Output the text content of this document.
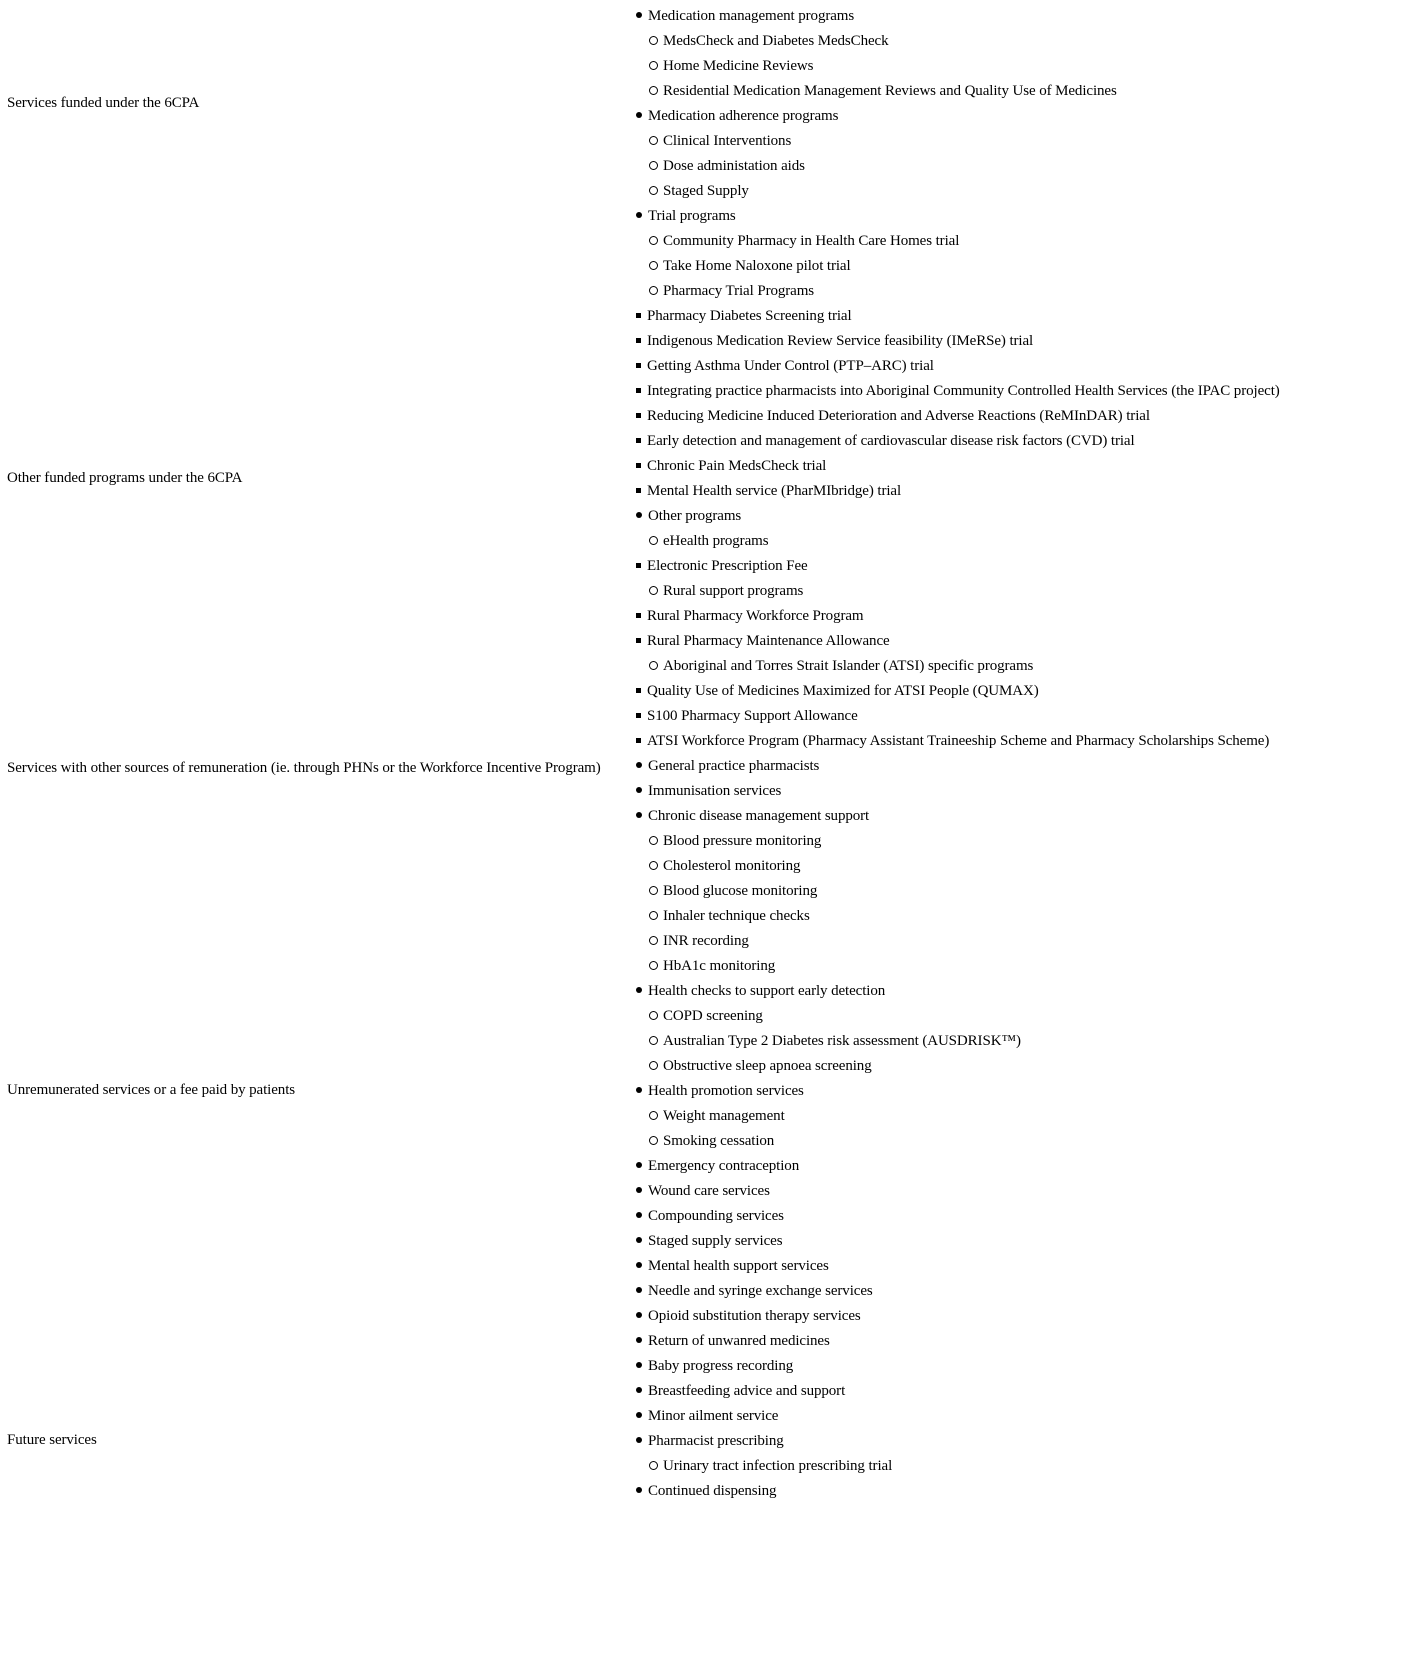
Services funded under the 6CPA
Other funded programs under the 6CPA
Services with other sources of remuneration (ie. through PHNs or the Workforce Incentive Program)
Unremunerated services or a fee paid by patients
Future services
Medication management programs
MedsCheck and Diabetes MedsCheck
Home Medicine Reviews
Residential Medication Management Reviews and Quality Use of Medicines
Medication adherence programs
Clinical Interventions
Dose administation aids
Staged Supply
Trial programs
Community Pharmacy in Health Care Homes trial
Take Home Naloxone pilot trial
Pharmacy Trial Programs
Pharmacy Diabetes Screening trial
Indigenous Medication Review Service feasibility (IMeRSe) trial
Getting Asthma Under Control (PTP–ARC) trial
Integrating practice pharmacists into Aboriginal Community Controlled Health Services (the IPAC project)
Reducing Medicine Induced Deterioration and Adverse Reactions (ReMInDAR) trial
Early detection and management of cardiovascular disease risk factors (CVD) trial
Chronic Pain MedsCheck trial
Mental Health service (PharMIbridge) trial
Other programs
eHealth programs
Electronic Prescription Fee
Rural support programs
Rural Pharmacy Workforce Program
Rural Pharmacy Maintenance Allowance
Aboriginal and Torres Strait Islander (ATSI) specific programs
Quality Use of Medicines Maximized for ATSI People (QUMAX)
S100 Pharmacy Support Allowance
ATSI Workforce Program (Pharmacy Assistant Traineeship Scheme and Pharmacy Scholarships Scheme)
General practice pharmacists
Immunisation services
Chronic disease management support
Blood pressure monitoring
Cholesterol monitoring
Blood glucose monitoring
Inhaler technique checks
INR recording
HbA1c monitoring
Health checks to support early detection
COPD screening
Australian Type 2 Diabetes risk assessment (AUSDRISK™)
Obstructive sleep apnoea screening
Health promotion services
Weight management
Smoking cessation
Emergency contraception
Wound care services
Compounding services
Staged supply services
Mental health support services
Needle and syringe exchange services
Opioid substitution therapy services
Return of unwanred medicines
Baby progress recording
Breastfeeding advice and support
Minor ailment service
Pharmacist prescribing
Urinary tract infection prescribing trial
Continued dispensing
